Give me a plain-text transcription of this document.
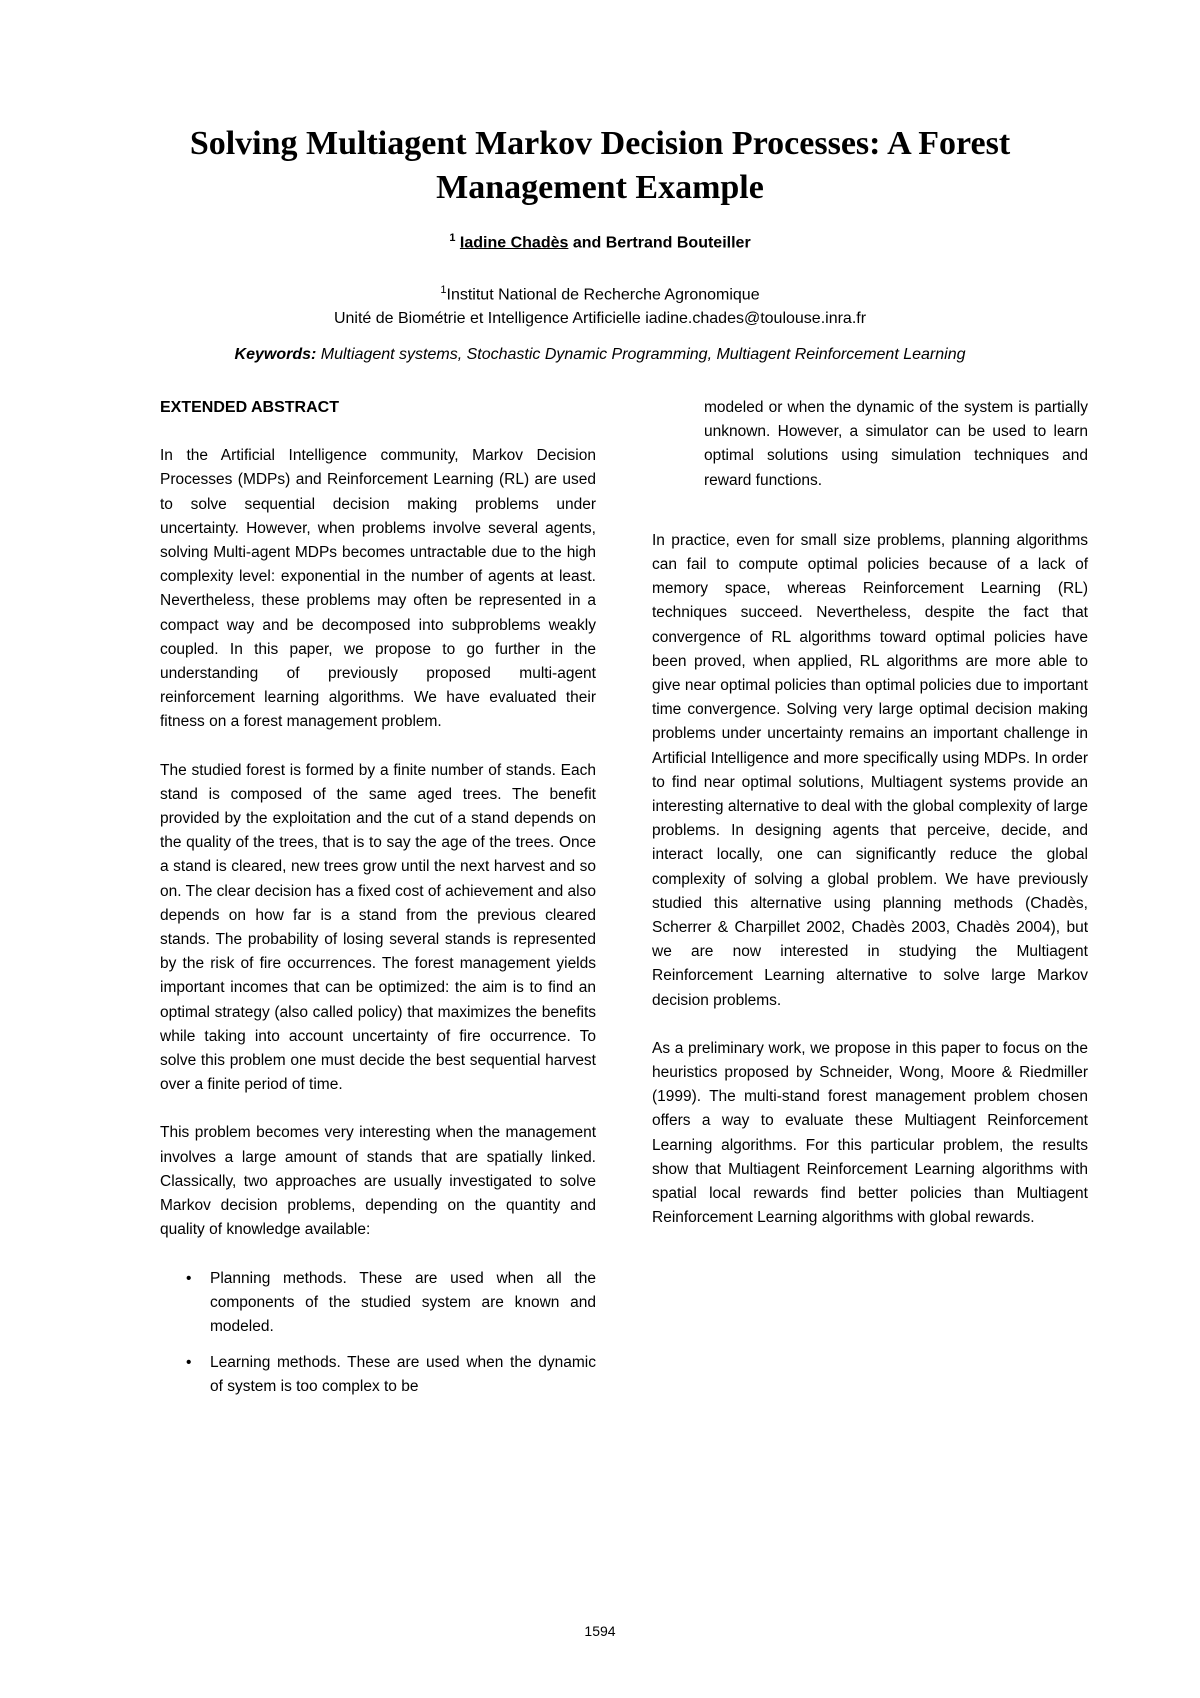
Solving Multiagent Markov Decision Processes: A Forest Management Example
$^1$ Iadine Chadès and Bertrand Bouteiller
$^1$Institut National de Recherche Agronomique
Unité de Biométrie et Intelligence Artificielle iadine.chades@toulouse.inra.fr
Keywords: Multiagent systems, Stochastic Dynamic Programming, Multiagent Reinforcement Learning
EXTENDED ABSTRACT

In the Artificial Intelligence community, Markov Decision Processes (MDPs) and Reinforcement Learning (RL) are used to solve sequential decision making problems under uncertainty. However, when problems involve several agents, solving Multi-agent MDPs becomes untractable due to the high complexity level: exponential in the number of agents at least. Nevertheless, these problems may often be represented in a compact way and be decomposed into subproblems weakly coupled. In this paper, we propose to go further in the understanding of previously proposed multi-agent reinforcement learning algorithms. We have evaluated their fitness on a forest management problem.

The studied forest is formed by a finite number of stands. Each stand is composed of the same aged trees. The benefit provided by the exploitation and the cut of a stand depends on the quality of the trees, that is to say the age of the trees. Once a stand is cleared, new trees grow until the next harvest and so on. The clear decision has a fixed cost of achievement and also depends on how far is a stand from the previous cleared stands. The probability of losing several stands is represented by the risk of fire occurrences. The forest management yields important incomes that can be optimized: the aim is to find an optimal strategy (also called policy) that maximizes the benefits while taking into account uncertainty of fire occurrence. To solve this problem one must decide the best sequential harvest over a finite period of time.

This problem becomes very interesting when the management involves a large amount of stands that are spatially linked. Classically, two approaches are usually investigated to solve Markov decision problems, depending on the quantity and quality of knowledge available:

• Planning methods. These are used when all the components of the studied system are known and modeled.
• Learning methods. These are used when the dynamic of system is too complex to be

modeled or when the dynamic of the system is partially unknown. However, a simulator can be used to learn optimal solutions using simulation techniques and reward functions.

In practice, even for small size problems, planning algorithms can fail to compute optimal policies because of a lack of memory space, whereas Reinforcement Learning (RL) techniques succeed. Nevertheless, despite the fact that convergence of RL algorithms toward optimal policies have been proved, when applied, RL algorithms are more able to give near optimal policies than optimal policies due to important time convergence. Solving very large optimal decision making problems under uncertainty remains an important challenge in Artificial Intelligence and more specifically using MDPs. In order to find near optimal solutions, Multiagent systems provide an interesting alternative to deal with the global complexity of large problems. In designing agents that perceive, decide, and interact locally, one can significantly reduce the global complexity of solving a global problem. We have previously studied this alternative using planning methods (Chadès, Scherrer & Charpillet 2002, Chadès 2003, Chadès 2004), but we are now interested in studying the Multiagent Reinforcement Learning alternative to solve large Markov decision problems.

As a preliminary work, we propose in this paper to focus on the heuristics proposed by Schneider, Wong, Moore & Riedmiller (1999). The multi-stand forest management problem chosen offers a way to evaluate these Multiagent Reinforcement Learning algorithms. For this particular problem, the results show that Multiagent Reinforcement Learning algorithms with spatial local rewards find better policies than Multiagent Reinforcement Learning algorithms with global rewards.

1594
